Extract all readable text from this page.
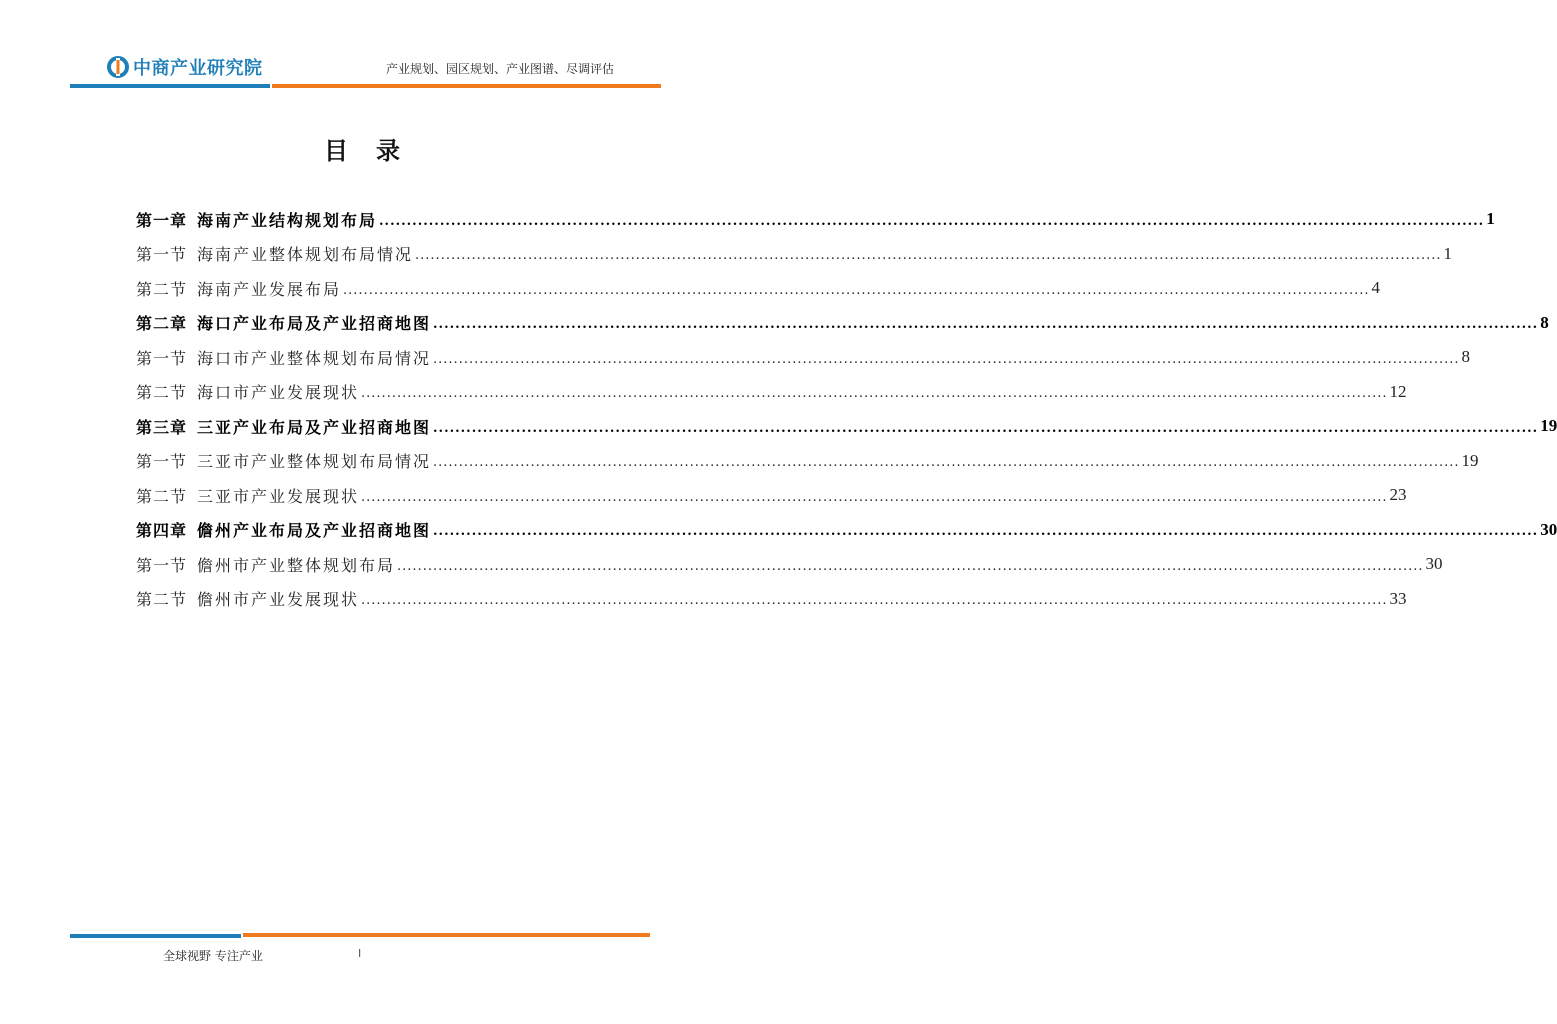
中商产业研究院	产业规划、园区规划、产业图谱、尽调评估
目录
第一章 海南产业结构规划布局 ........................................................................................................................................................................................................ 1
第一节 海南产业整体规划布局情况 ........................................................................................................................................................................................................ 1
第二节 海南产业发展布局 ........................................................................................................................................................................................................ 4
第二章 海口产业布局及产业招商地图 ........................................................................................................................................................................................................ 8
第一节 海口市产业整体规划布局情况 ........................................................................................................................................................................................................ 8
第二节 海口市产业发展现状 ........................................................................................................................................................................................................ 12
第三章 三亚产业布局及产业招商地图 ........................................................................................................................................................................................................ 19
第一节 三亚市产业整体规划布局情况 ........................................................................................................................................................................................................ 19
第二节 三亚市产业发展现状 ........................................................................................................................................................................................................ 23
第四章 儋州产业布局及产业招商地图 ........................................................................................................................................................................................................ 30
第一节 儋州市产业整体规划布局 ........................................................................................................................................................................................................ 30
第二节 儋州市产业发展现状 ........................................................................................................................................................................................................ 33
全球视野 专注产业	I
